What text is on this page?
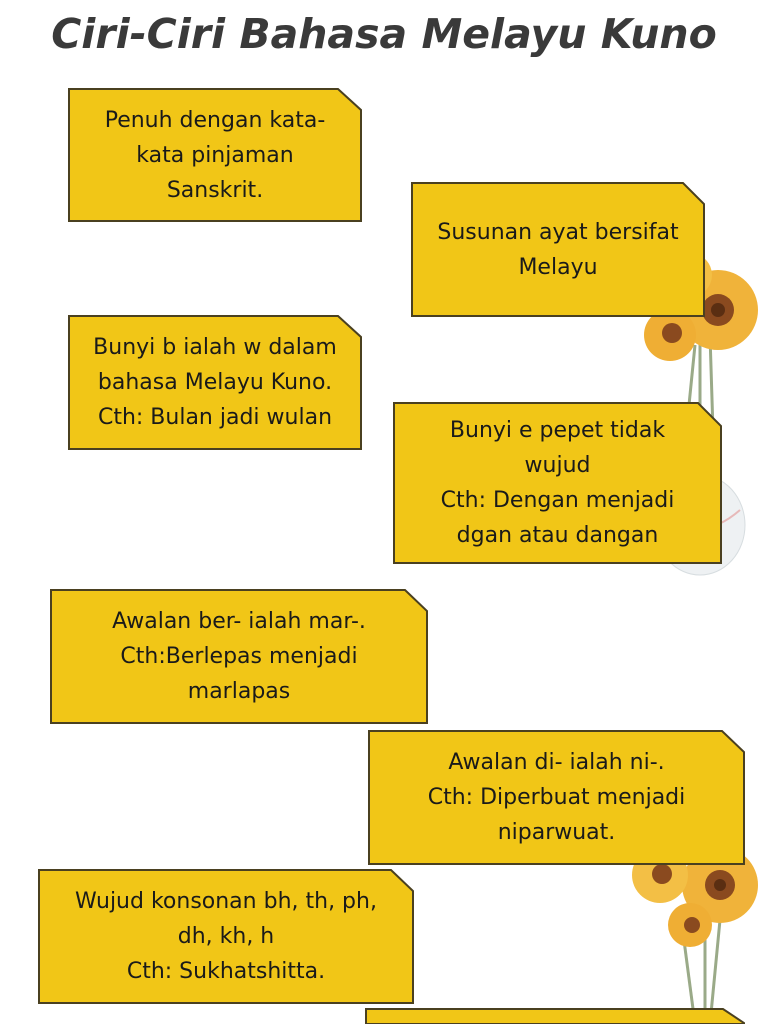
Ciri-Ciri Bahasa Melayu Kuno
Penuh dengan kata-
kata pinjaman
Sanskrit.
Susunan ayat bersifat
Melayu
Bunyi b ialah w dalam
bahasa Melayu Kuno.
Cth: Bulan jadi wulan
Bunyi e pepet tidak
wujud
Cth: Dengan menjadi
dgan atau dangan
Awalan ber- ialah mar-.
Cth:Berlepas menjadi
marlapas
Awalan di- ialah ni-.
Cth: Diperbuat menjadi
niparwuat.
Wujud konsonan bh, th, ph,
dh, kh, h
Cth: Sukhatshitta.
